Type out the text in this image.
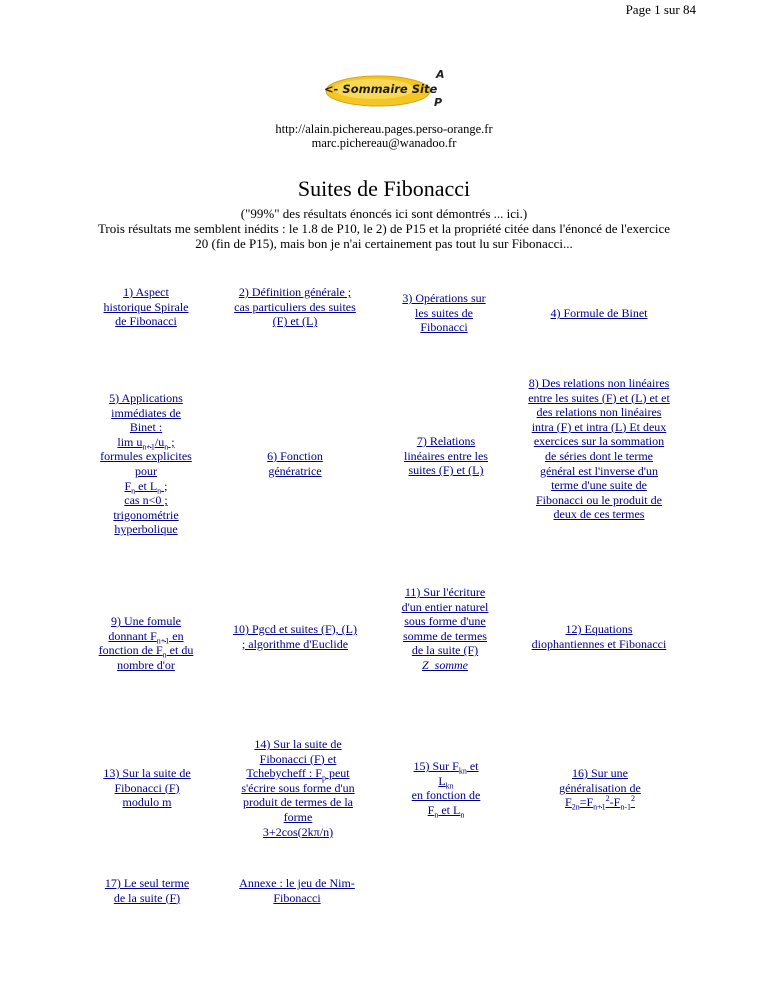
Page 1 sur 84
<- Sommaire Site
A
P
http://alain.pichereau.pages.perso-orange.fr
marc.pichereau@wanadoo.fr
Suites de Fibonacci
("99%" des résultats énoncés ici sont démontrés ... ici.)
Trois résultats me semblent inédits : le 1.8 de P10, le 2) de P15 et la propriété citée dans l'énoncé de l'exercice 20 (fin de P15), mais bon je n'ai certainement pas tout lu sur Fibonacci...
1) Aspect historique Spirale de Fibonacci
2) Définition générale ; cas particuliers des suites (F) et (L)
3) Opérations sur les suites de Fibonacci
4) Formule de Binet
5) Applications immédiates de Binet :
$\lim u_{n+1}/u_n$ ;
formules explicites pour
$F_n$ et $L_n$ ;
cas n<0 ;
trigonométrie hyperbolique
6) Fonction génératrice
7) Relations linéaires entre les suites (F) et (L)
8) Des relations non linéaires entre les suites (F) et (L) et et des relations non linéaires intra (F) et intra (L) Et deux exercices sur la sommation de séries dont le terme général est l'inverse d'un terme d'une suite de Fibonacci ou le produit de deux de ces termes
9) Une fomule donnant $F_{n+1}$ en fonction de $F_n$ et du nombre d'or
10) Pgcd et suites (F), (L) ; algorithme d'Euclide
11) Sur l'écriture d'un entier naturel sous forme d'une somme de termes de la suite (F)
Z_somme
12) Equations diophantiennes et Fibonacci
13) Sur la suite de Fibonacci (F) modulo m
14) Sur la suite de Fibonacci (F) et Tchebycheff : $F_p$ peut s'écrire sous forme d'un produit de termes de la forme
3+2cos(2kπ/n)
15) Sur $F_{kn}$ et
$L_{kn}$
en fonction de
$F_n$ et $L_n$
16) Sur une généralisation de
$F_{2n}=F_{n+1}^2-F_{n-1}^2$
17) Le seul terme de la suite (F)
Annexe : le jeu de Nim-Fibonacci
